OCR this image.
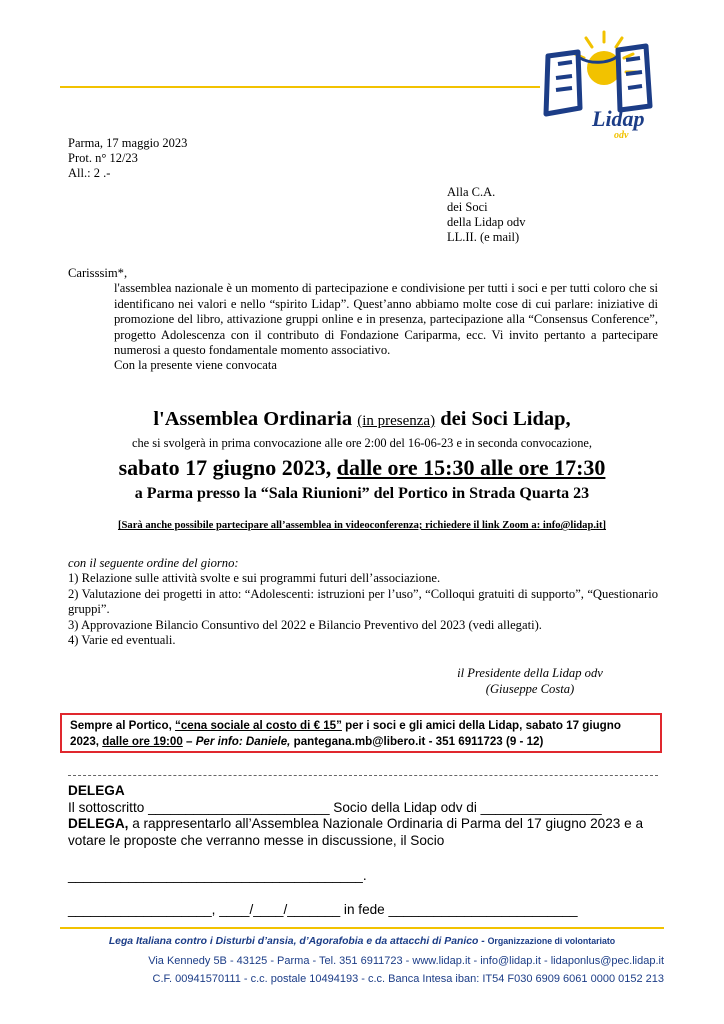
Lidap
odv
Parma, 17 maggio 2023
Prot. n° 12/23
All.: 2 .-
Alla C.A.
dei Soci
della Lidap odv
LL.II. (e mail)
Carisssim*,
l'assemblea nazionale è un momento di partecipazione e condivisione per tutti i soci e per tutti coloro che si identificano nei valori e nello “spirito Lidap”. Quest’anno abbiamo molte cose di cui parlare: iniziative di promozione del libro, attivazione gruppi online e in presenza, partecipazione alla “Consensus Conference”, progetto Adolescenza con il contributo di Fondazione Cariparma, ecc. Vi invito pertanto a partecipare numerosi a questo fondamentale momento associativo.
Con la presente viene convocata
l'Assemblea Ordinaria (in presenza) dei Soci Lidap,
che si svolgerà in prima convocazione alle ore 2:00 del 16-06-23 e in seconda convocazione,
sabato 17 giugno 2023, dalle ore 15:30 alle ore 17:30
a Parma presso la “Sala Riunioni” del Portico in Strada Quarta 23
[Sarà anche possibile partecipare all’assemblea in videoconferenza; richiedere il link Zoom a: info@lidap.it]
con il seguente ordine del giorno:
1) Relazione sulle attività svolte e sui programmi futuri dell’associazione.
2) Valutazione dei progetti in atto: “Adolescenti: istruzioni per l’uso”, “Colloqui gratuiti di supporto”, “Questionario gruppi”.
3) Approvazione Bilancio Consuntivo del 2022 e Bilancio Preventivo del 2023 (vedi allegati).
4) Varie ed eventuali.
il Presidente della Lidap odv
(Giuseppe Costa)
Sempre al Portico, “cena sociale al costo di € 15” per i soci e gli amici della Lidap, sabato 17 giugno 2023, dalle ore 19:00 – Per info: Daniele, pantegana.mb@libero.it - 351 6911723 (9 - 12)
DELEGA
Il sottoscritto ________________________ Socio della Lidap odv di ________________
DELEGA, a rappresentarlo all’Assemblea Nazionale Ordinaria di Parma del 17 giugno 2023 e a votare le proposte che verranno messe in discussione, il Socio
_______________________________________.
___________________, ____/____/_______ in fede _________________________
Lega Italiana contro i Disturbi d’ansia, d’Agorafobia e da attacchi di Panico - Organizzazione di volontariato
Via Kennedy 5B - 43125 - Parma - Tel. 351 6911723 - www.lidap.it - info@lidap.it - lidaponlus@pec.lidap.it
C.F. 00941570111 - c.c. postale 10494193 - c.c. Banca Intesa iban: IT54 F030 6909 6061 0000 0152 213
